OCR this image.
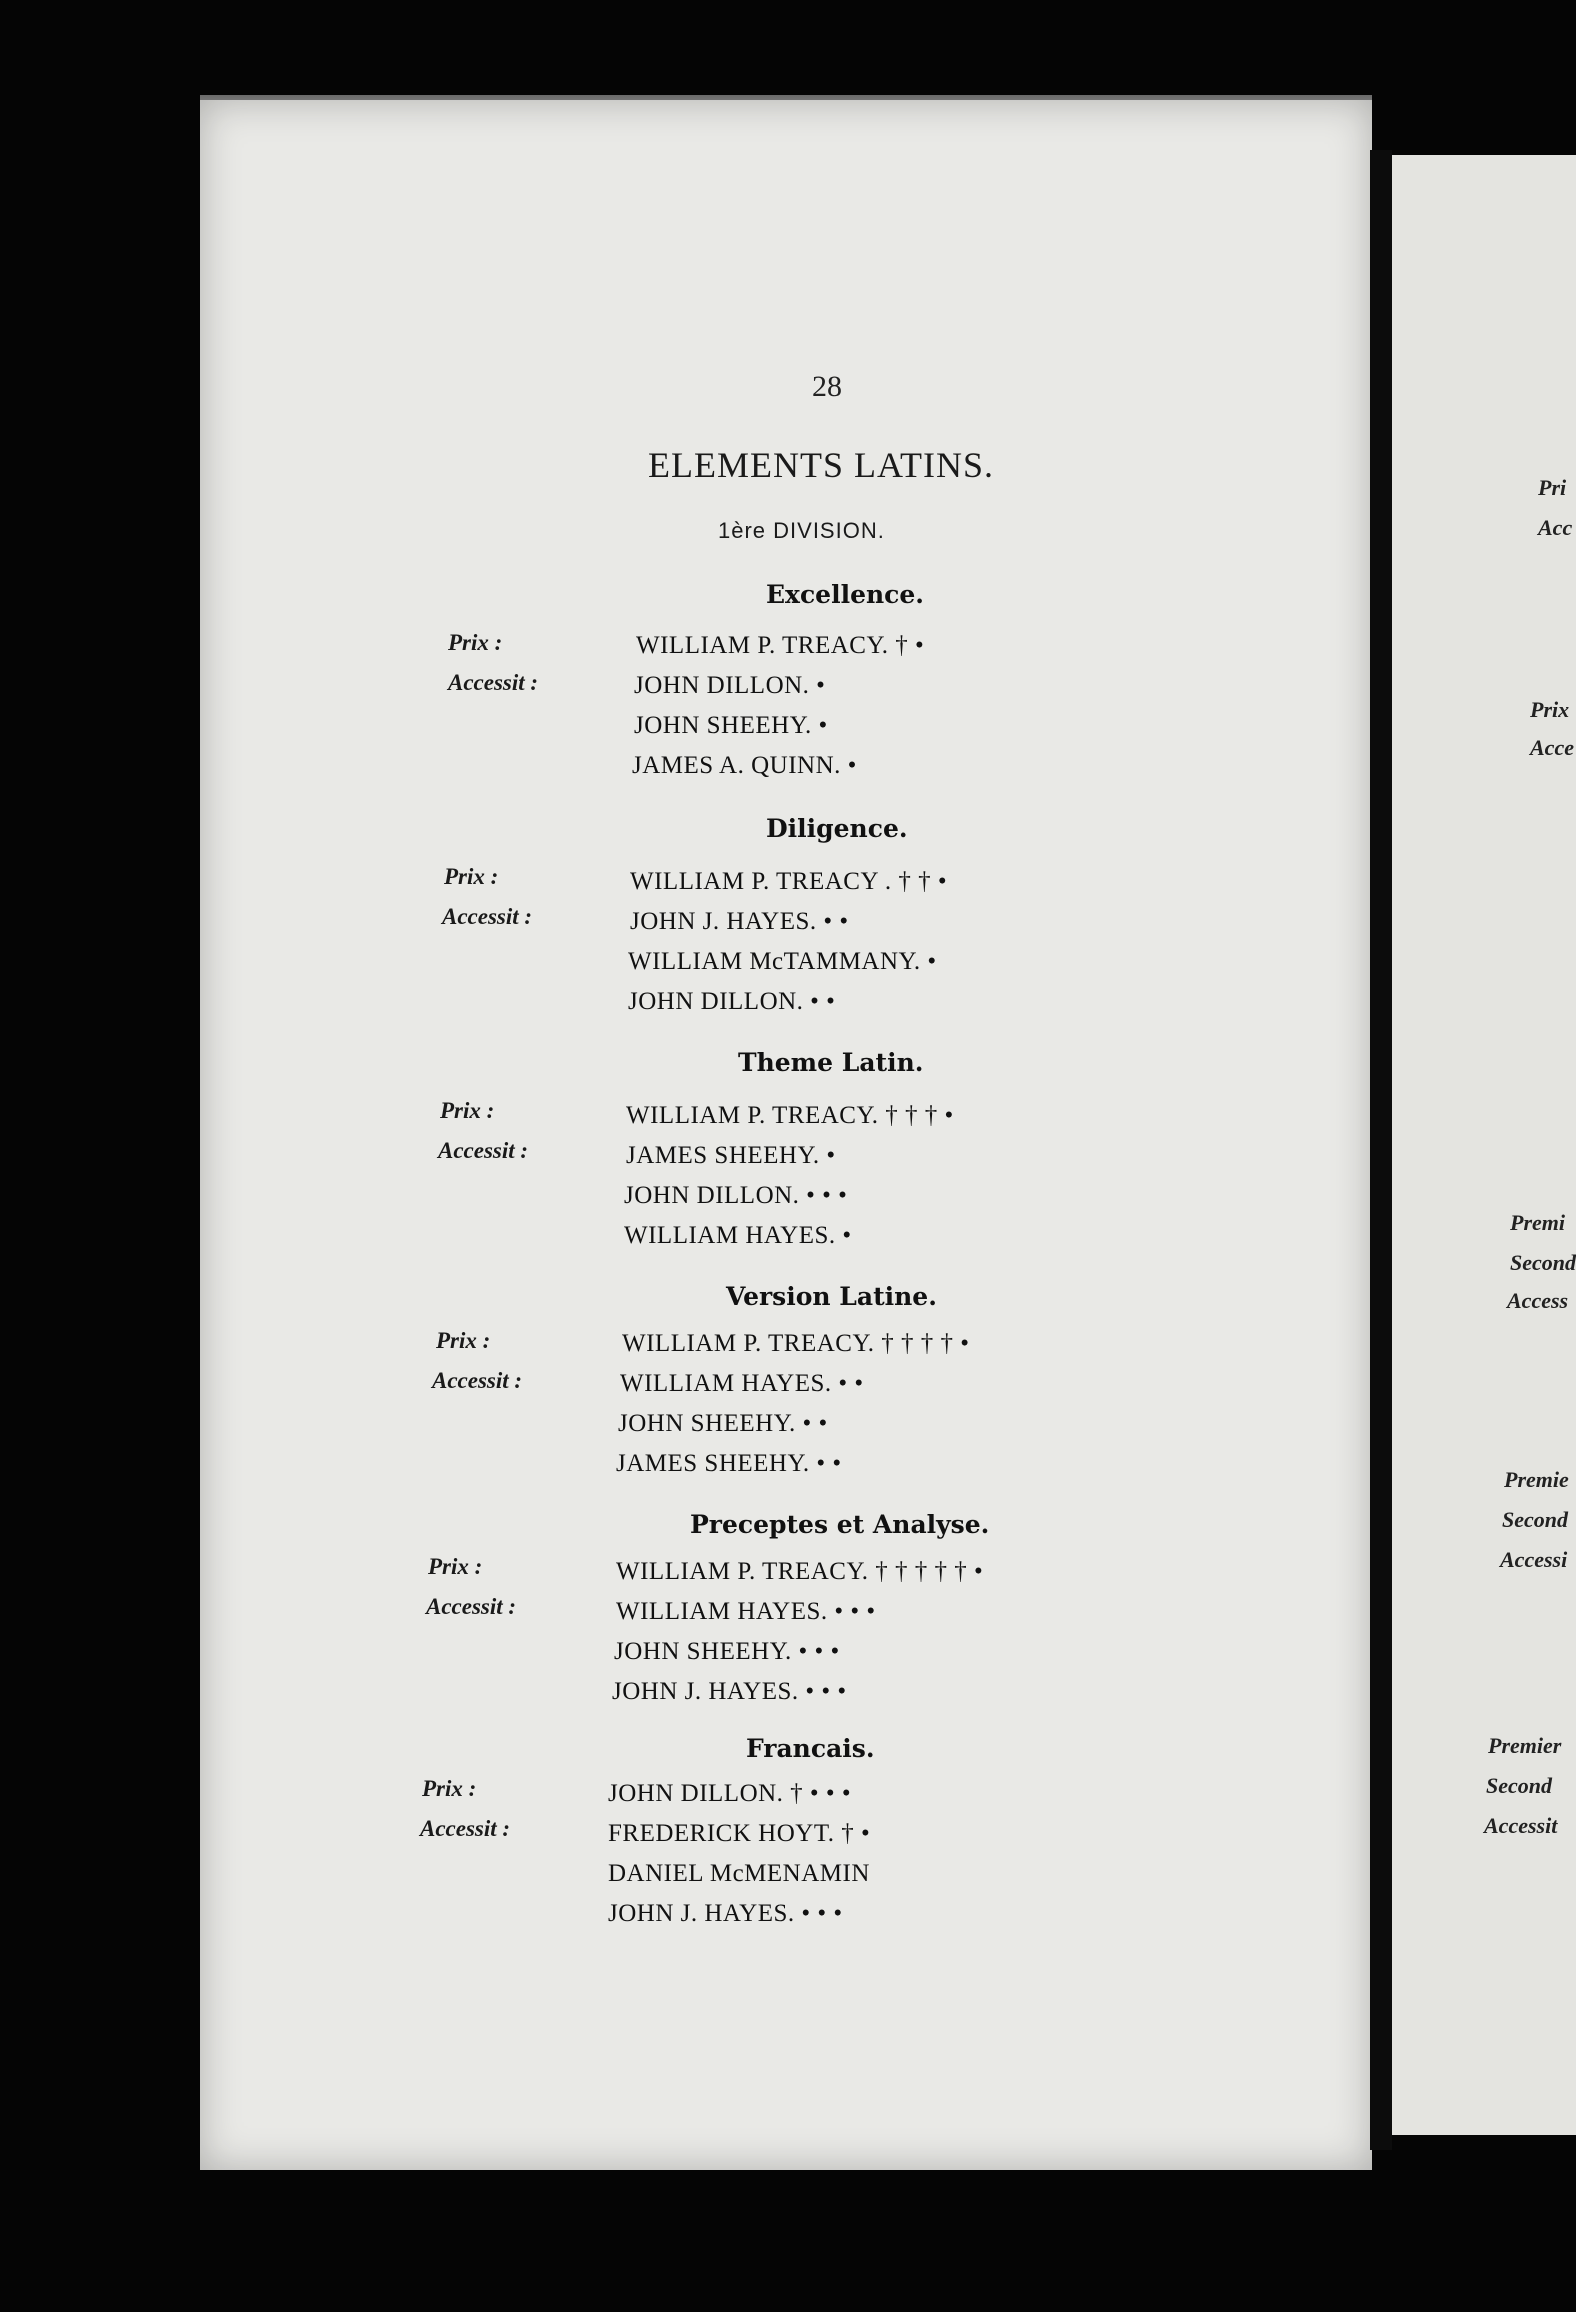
Pri
Acc
Prix
Acce
Premi
Second
Access
Premie
Second
Accessi
Premier
Second
Accessit
28
ELEMENTS LATINS.
1ère DIVISION.
Excellence.
Prix :
Accessit :
WILLIAM P. TREACY. † •
JOHN DILLON. •
JOHN SHEEHY. •
JAMES A. QUINN. •
Diligence.
Prix :
Accessit :
WILLIAM P. TREACY . † † •
JOHN J. HAYES. • •
WILLIAM McTAMMANY. •
JOHN DILLON. • •
Theme Latin.
Prix :
Accessit :
WILLIAM P. TREACY. † † † •
JAMES SHEEHY. •
JOHN DILLON. • • •
WILLIAM HAYES. •
Version Latine.
Prix :
Accessit :
WILLIAM P. TREACY. † † † † •
WILLIAM HAYES. • •
JOHN SHEEHY. • •
JAMES SHEEHY. • •
Preceptes et Analyse.
Prix :
Accessit :
WILLIAM P. TREACY. † † † † † •
WILLIAM HAYES. • • •
JOHN SHEEHY. • • •
JOHN J. HAYES. • • •
Francais.
Prix :
Accessit :
JOHN DILLON. † • • •
FREDERICK HOYT. † •
DANIEL McMENAMIN
JOHN J. HAYES. • • •
